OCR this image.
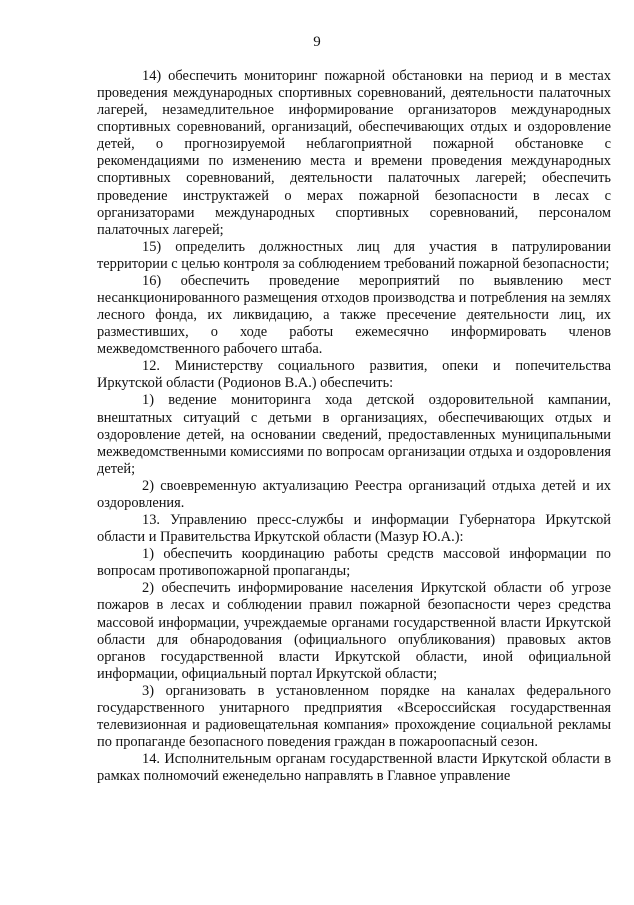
9

14) обеспечить мониторинг пожарной обстановки на период и в местах проведения международных спортивных соревнований, деятельности палаточных лагерей, незамедлительное информирование организаторов международных спортивных соревнований, организаций, обеспечивающих отдых и оздоровление детей, о прогнозируемой неблагоприятной пожарной обстановке с рекомендациями по изменению места и времени проведения международных спортивных соревнований, деятельности палаточных лагерей; обеспечить проведение инструктажей о мерах пожарной безопасности в лесах с организаторами международных спортивных соревнований, персоналом палаточных лагерей;

15) определить должностных лиц для участия в патрулировании территории с целью контроля за соблюдением требований пожарной безопасности;

16) обеспечить проведение мероприятий по выявлению мест несанкционированного размещения отходов производства и потребления на землях лесного фонда, их ликвидацию, а также пресечение деятельности лиц, их разместивших, о ходе работы ежемесячно информировать членов межведомственного рабочего штаба.

12. Министерству социального развития, опеки и попечительства Иркутской области (Родионов В.А.) обеспечить:

1) ведение мониторинга хода детской оздоровительной кампании, внештатных ситуаций с детьми в организациях, обеспечивающих отдых и оздоровление детей, на основании сведений, предоставленных муниципальными межведомственными комиссиями по вопросам организации отдыха и оздоровления детей;

2) своевременную актуализацию Реестра организаций отдыха детей и их оздоровления.

13. Управлению пресс-службы и информации Губернатора Иркутской области и Правительства Иркутской области (Мазур Ю.А.):

1) обеспечить координацию работы средств массовой информации по вопросам противопожарной пропаганды;

2) обеспечить информирование населения Иркутской области об угрозе пожаров в лесах и соблюдении правил пожарной безопасности через средства массовой информации, учреждаемые органами государственной власти Иркутской области для обнародования (официального опубликования) правовых актов органов государственной власти Иркутской области, иной официальной информации, официальный портал Иркутской области;

3) организовать в установленном порядке на каналах федерального государственного унитарного предприятия «Всероссийская государственная телевизионная и радиовещательная компания» прохождение социальной рекламы по пропаганде безопасного поведения граждан в пожароопасный сезон.

14. Исполнительным органам государственной власти Иркутской области в рамках полномочий еженедельно направлять в Главное управление
